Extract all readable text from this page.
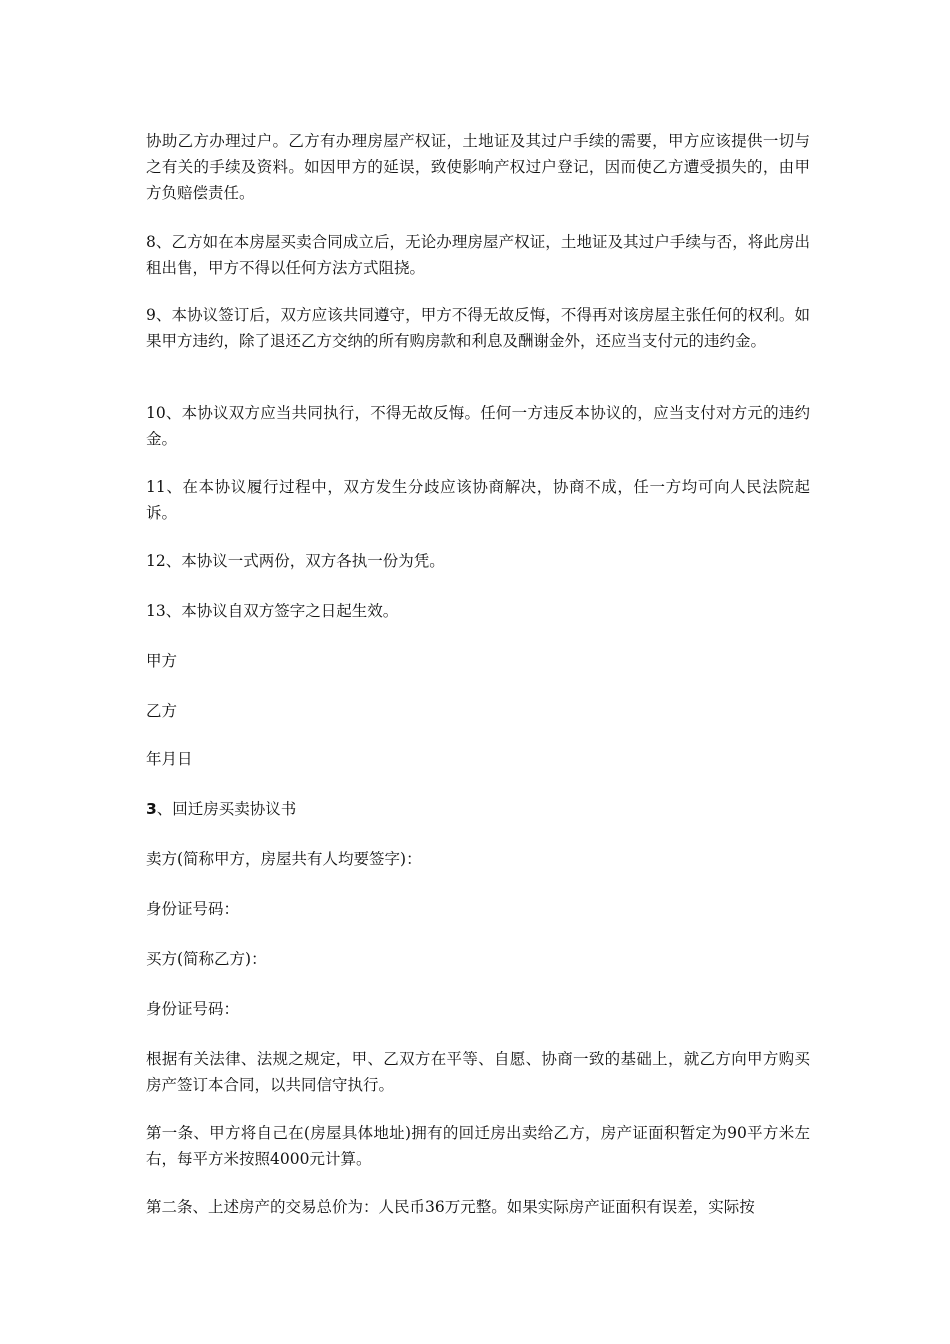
协助乙方办理过户。乙方有办理房屋产权证，土地证及其过户手续的需要，甲方应该提供一切与之有关的手续及资料。如因甲方的延误，致使影响产权过户登记，因而使乙方遭受损失的，由甲方负赔偿责任。

8、乙方如在本房屋买卖合同成立后，无论办理房屋产权证，土地证及其过户手续与否，将此房出租出售，甲方不得以任何方法方式阻挠。

9、本协议签订后，双方应该共同遵守，甲方不得无故反悔，不得再对该房屋主张任何的权利。如果甲方违约，除了退还乙方交纳的所有购房款和利息及酬谢金外，还应当支付元的违约金。

10、本协议双方应当共同执行，不得无故反悔。任何一方违反本协议的，应当支付对方元的违约金。

11、在本协议履行过程中，双方发生分歧应该协商解决，协商不成，任一方均可向人民法院起诉。

12、本协议一式两份，双方各执一份为凭。

13、本协议自双方签字之日起生效。

甲方

乙方

年月日

3、回迁房买卖协议书

卖方(简称甲方，房屋共有人均要签字)：

身份证号码：

买方(简称乙方)：

身份证号码：

根据有关法律、法规之规定，甲、乙双方在平等、自愿、协商一致的基础上，就乙方向甲方购买房产签订本合同，以共同信守执行。

第一条、甲方将自己在(房屋具体地址)拥有的回迁房出卖给乙方，房产证面积暂定为90平方米左右，每平方米按照4000元计算。

第二条、上述房产的交易总价为：人民币36万元整。如果实际房产证面积有误差，实际按
